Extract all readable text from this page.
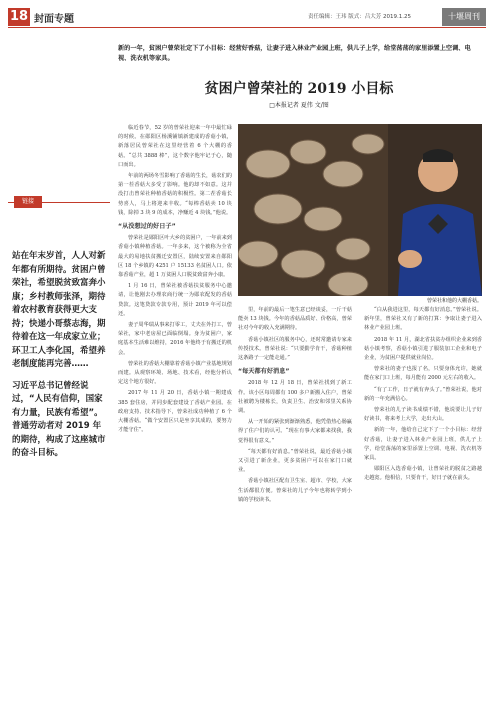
18 封面专题	责任编辑：王玮 版式：吕大芳 2019.1.25	十堰周刊
新的一年，贫困户曾荣社定下了小目标：经营好香菇，让妻子进入林业产业园上班，供儿子上学，给堂荡荡的家里添置上空调、电视、洗衣机等家具。
贫困户曾荣社的 2019 小目标
□本报记者 夏伟 文/图
链接

站在年末岁首，人人对新年都有所期待。贫困户曾荣社，希望脱贫致富奔小康；乡村教师张泽，期待着农村教育获得更大支持；快递小哥蔡志海，期待着在这一年成家立业；环卫工人李化国，希望养老制度能再完善……

习近平总书记曾经说过，“人民有信仰，国家有力量，民族有希望”。普通劳动者对 2019 年的期待，构成了这座城市的奋斗目标。

临近春节，52 岁的曾荣社迎来一年中最忙碌的时候。在郧阳区杨溪铺镇新建成的香菇小镇，新落居民曾荣社在这里经营着 6 个大棚的香菇。“总共 3888 棒”，这个数字他牢记于心，随口而出。

年前的两场冬雪影响了香菇的生长，菇农们的第一茬香菇大多受了影响。他的却不如意。这并没打击曾荣社种植香菇的积极性。第二茬香菇长势喜人，马上将迎来丰收。“每棒香菇卖 10 块钱，除掉 3 块 9 的成本，净赚近 4 块钱。”他说。

“从没想过的好日子”

曾荣社是郧阳区叶大乡的贫困户，一年前来到香菇小镇种植香菇。一年多来，这个被称为全省最大的易地扶贫搬迁安置区，陆续安置来自郧阳区 18 个乡镇的 4251 户 15133 名贫困人口。依靠香菇产业，超 1 万贫困人口脱贫致富奔小康。

1 月 16 日，曾荣社被香菇扶贫服务中心邀请，让他刚去办理农商行统一为郧农配发的香菇贷款。这笔贷款专款专用，预计 2019 年可以偿还。

妻子周华瑞从事来打零工，丈夫在外打工，曾荣社，家中老房屋已面临倒塌。身为贫困户，家庭基本生活难以维持，2016 年他终于有搬迁的机会。

曾荣社的香菇大棚靠着香菇小镇产业基地规划而建。从观察环境、场地、技术看，经他分析认定这个地方很好。

2017 年 11 月 20 日，香菇小镇一期建成 385 套住房，并同步配套建设了香菇产业园。在政府支持、技术指导下，曾荣社成功种植了 6 个大棚香菇。“做个安置区只是坐享其成的，要努力才能守住”。

曾荣社和他的大棚香菇。

里，年前的最后一笔生意已经谈妥，一斤干菇能卖 13 块钱。今年的香菇品质好、价格高，曾荣社对今年的收入充满期待。

香菇小镇社区的服务中心，还时常邀请专家来传授技术。曾荣社说：“只要勤学肯干，香菇种植这条路子一定能走通。”

“每天都有好消息”

2018 年 12 月 18 日，曾荣社找到了新工作。该小区每周都有 100 多户新搬入住户，曾荣社被聘为楼栋长，负责卫生、治安和邻里关系协调。

从一开始的紧张到渐渐熟悉，他凭借热心肠赢得了住户们的认可。“现在有事大家都来找我，我觉得很有意义。”

“每天都有好消息。”曾荣社说，最近香菇小镇又引进了新企业，更多贫困户可以在家门口就业。

香菇小镇社区配有卫生室、超市、学校，大家生活都很方便。曾荣社的儿子今年也将转学到小镇的学校读书。

“白从我进这里，每天都有好消息。”曾荣社说。新年里，曾荣社又有了新的打算：争取让妻子进入林业产业园上班。

2018 年 11 月，湖北省扶贫办组织企业来到香菇小镇考察，香菇小镇引进了服装加工企业和电子企业，为贫困户提供就业岗位。

曾荣社的妻子也报了名，只要身体允许，她就能在家门口上班，每月能有 2000 元左右的收入。

“有了工作，日子就有奔头了。”曾荣社说，他对新的一年充满信心。

曾荣社的儿子读书成绩不错，他说要让儿子好好读书，将来考上大学，走出大山。

新的一年，他给自己定下了一个小目标：经营好香菇，让妻子进入林业产业园上班，供儿子上学，给堂荡荡的家里添置上空调、电视、洗衣机等家具。

郧阳区入选香菇小镇，让曾荣社的脱贫之路越走越宽。他相信，只要肯干，好日子就在前头。
